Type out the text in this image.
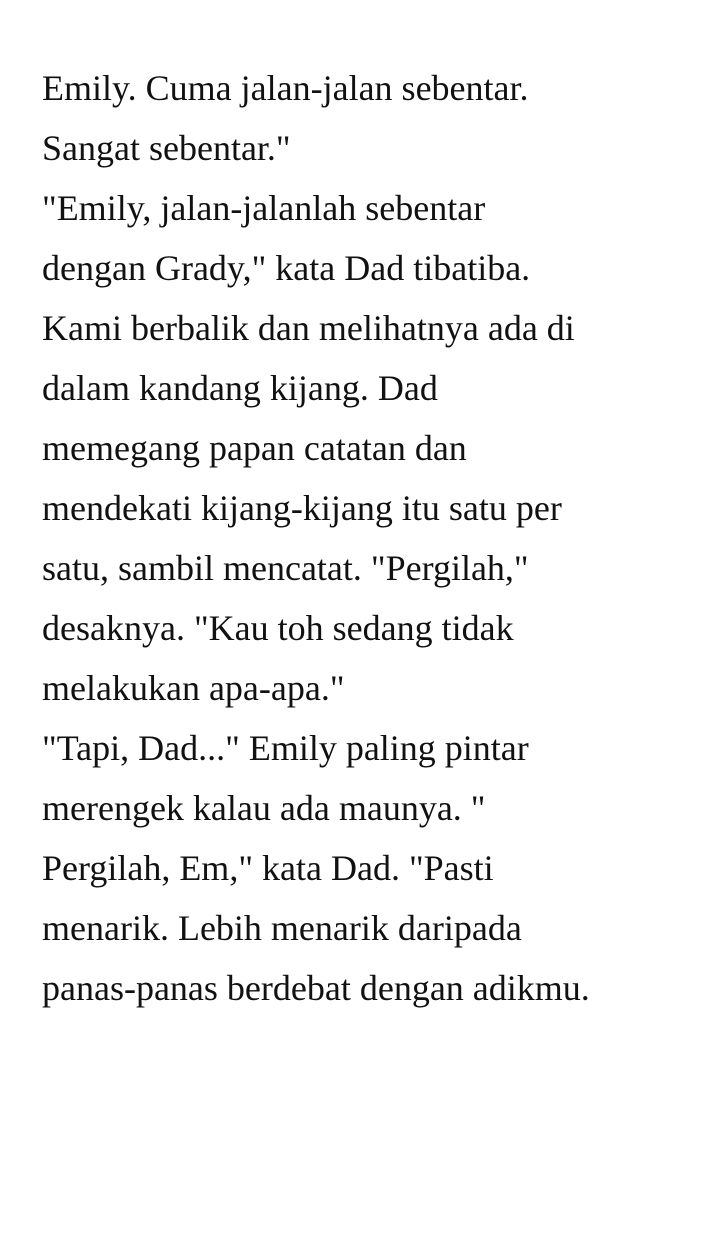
Emily. Cuma jalan-jalan sebentar.
Sangat sebentar."
"Emily, jalan-jalanlah sebentar
dengan Grady," kata Dad tibatiba.
Kami berbalik dan melihatnya ada di
dalam kandang kijang. Dad
memegang papan catatan dan
mendekati kijang-kijang itu satu per
satu, sambil mencatat. "Pergilah,"
desaknya. "Kau toh sedang tidak
melakukan apa-apa."
"Tapi, Dad..." Emily paling pintar
merengek kalau ada maunya. "
Pergilah, Em," kata Dad. "Pasti
menarik. Lebih menarik daripada
panas-panas berdebat dengan adikmu.
